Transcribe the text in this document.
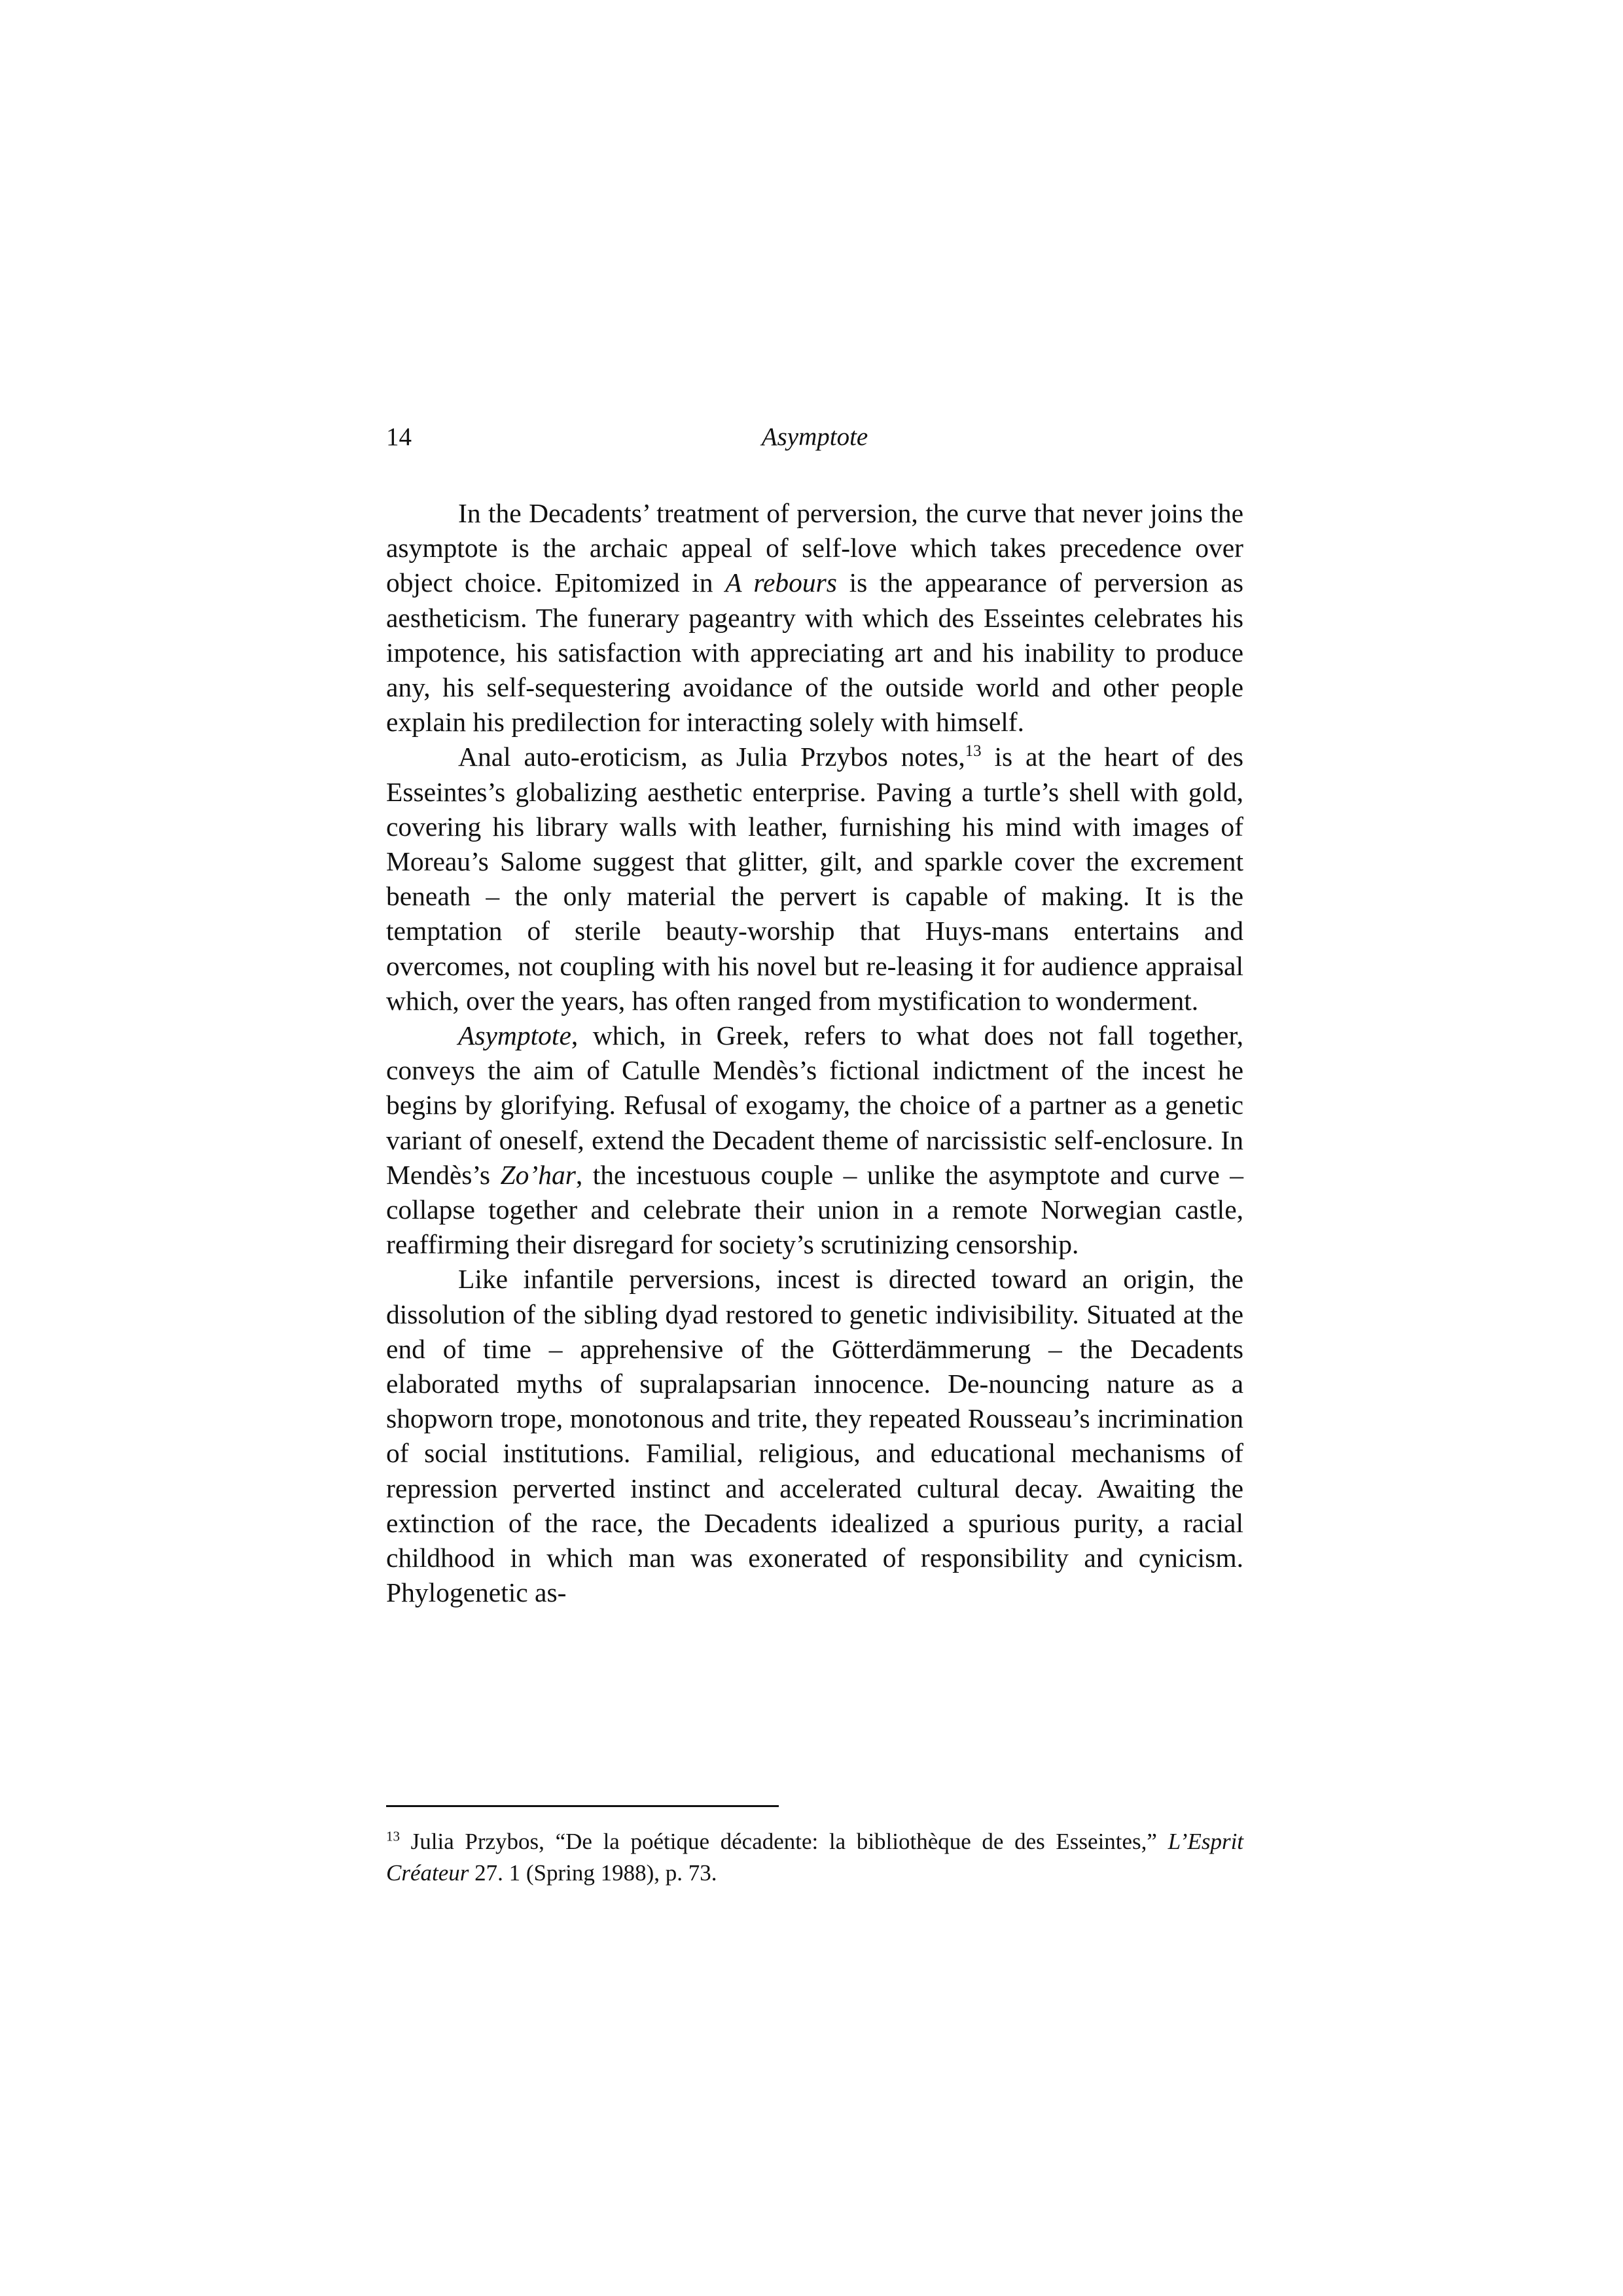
14	Asymptote

In the Decadents’ treatment of perversion, the curve that never joins the asymptote is the archaic appeal of self-love which takes precedence over object choice. Epitomized in A rebours is the appearance of perversion as aestheticism. The funerary pageantry with which des Esseintes celebrates his impotence, his satisfaction with appreciating art and his inability to produce any, his self-sequestering avoidance of the outside world and other people explain his predilection for interacting solely with himself.

Anal auto-eroticism, as Julia Przybos notes,$^{13}$ is at the heart of des Esseintes’s globalizing aesthetic enterprise. Paving a turtle’s shell with gold, covering his library walls with leather, furnishing his mind with images of Moreau’s Salome suggest that glitter, gilt, and sparkle cover the excrement beneath – the only material the pervert is capable of making. It is the temptation of sterile beauty-worship that Huys-mans entertains and overcomes, not coupling with his novel but re-leasing it for audience appraisal which, over the years, has often ranged from mystification to wonderment.

Asymptote, which, in Greek, refers to what does not fall together, conveys the aim of Catulle Mendès’s fictional indictment of the incest he begins by glorifying. Refusal of exogamy, the choice of a partner as a genetic variant of oneself, extend the Decadent theme of narcissistic self-enclosure. In Mendès’s Zo’har, the incestuous couple – unlike the asymptote and curve – collapse together and celebrate their union in a remote Norwegian castle, reaffirming their disregard for society’s scrutinizing censorship.

Like infantile perversions, incest is directed toward an origin, the dissolution of the sibling dyad restored to genetic indivisibility. Situated at the end of time – apprehensive of the Götterdämmerung – the Decadents elaborated myths of supralapsarian innocence. De-nouncing nature as a shopworn trope, monotonous and trite, they repeated Rousseau’s incrimination of social institutions. Familial, religious, and educational mechanisms of repression perverted instinct and accelerated cultural decay. Awaiting the extinction of the race, the Decadents idealized a spurious purity, a racial childhood in which man was exonerated of responsibility and cynicism. Phylogenetic as-

$^{13}$ Julia Przybos, “De la poétique décadente: la bibliothèque de des Esseintes,” L’Esprit Créateur 27. 1 (Spring 1988), p. 73.
